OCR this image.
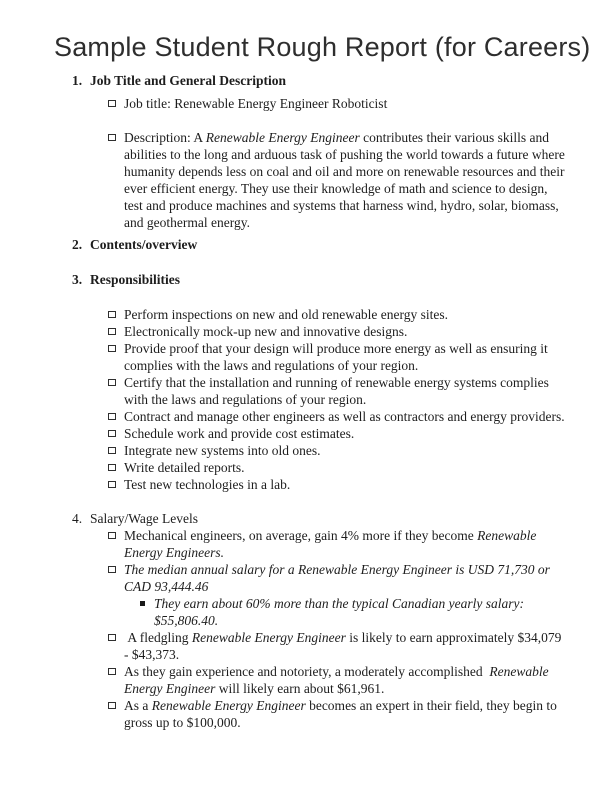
Sample Student Rough Report (for Careers)
1. Job Title and General Description
Job title: Renewable Energy Engineer Roboticist
Description: A Renewable Energy Engineer contributes their various skills and abilities to the long and arduous task of pushing the world towards a future where humanity depends less on coal and oil and more on renewable resources and their ever efficient energy. They use their knowledge of math and science to design, test and produce machines and systems that harness wind, hydro, solar, biomass, and geothermal energy.
2. Contents/overview
3. Responsibilities
Perform inspections on new and old renewable energy sites.
Electronically mock-up new and innovative designs.
Provide proof that your design will produce more energy as well as ensuring it complies with the laws and regulations of your region.
Certify that the installation and running of renewable energy systems complies with the laws and regulations of your region.
Contract and manage other engineers as well as contractors and energy providers.
Schedule work and provide cost estimates.
Integrate new systems into old ones.
Write detailed reports.
Test new technologies in a lab.
4. Salary/Wage Levels
Mechanical engineers, on average, gain 4% more if they become Renewable Energy Engineers.
The median annual salary for a Renewable Energy Engineer is USD 71,730 or CAD 93,444.46
They earn about 60% more than the typical Canadian yearly salary: $55,806.40.
A fledgling Renewable Energy Engineer is likely to earn approximately $34,079 - $43,373.
As they gain experience and notoriety, a moderately accomplished  Renewable Energy Engineer will likely earn about $61,961.
As a Renewable Energy Engineer becomes an expert in their field, they begin to gross up to $100,000.
